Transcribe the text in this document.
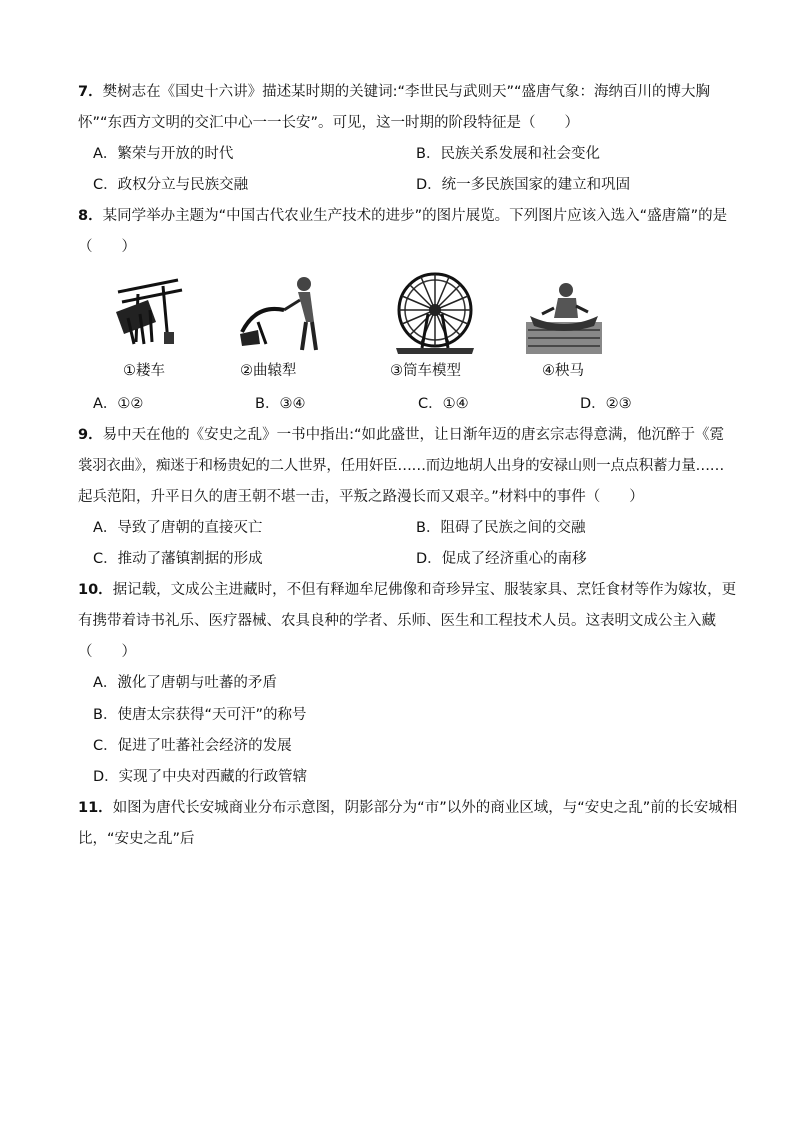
7．樊树志在《国史十六讲》描述某时期的关键词:“李世民与武则天”“盛唐气象：海纳百川的博大胸
怀”“东西方文明的交汇中心一一长安”。可见，这一时期的阶段特征是（　　）
A．繁荣与开放的时代	B．民族关系发展和社会变化
C．政权分立与民族交融	D．统一多民族国家的建立和巩固
8．某同学举办主题为“中国古代农业生产技术的进步”的图片展览。下列图片应该入选入“盛唐篇”的是
（　　）
①耧车	②曲辕犁	③筒车模型	④秧马
A．①②	B．③④	C．①④	D．②③
9．易中天在他的《安史之乱》一书中指出:“如此盛世，让日渐年迈的唐玄宗志得意满，他沉醉于《霓
裳羽衣曲》，痴迷于和杨贵妃的二人世界，任用奸臣……而边地胡人出身的安禄山则一点点积蓄力量……
起兵范阳，升平日久的唐王朝不堪一击，平叛之路漫长而又艰辛。”材料中的事件（　　）
A．导致了唐朝的直接灭亡	B．阻碍了民族之间的交融
C．推动了藩镇割据的形成	D．促成了经济重心的南移
10．据记载，文成公主进藏时，不但有释迦牟尼佛像和奇珍异宝、服装家具、烹饪食材等作为嫁妆，更
有携带着诗书礼乐、医疗器械、农具良种的学者、乐师、医生和工程技术人员。这表明文成公主入藏
（　　）
A．激化了唐朝与吐蕃的矛盾
B．使唐太宗获得“天可汗”的称号
C．促进了吐蕃社会经济的发展
D．实现了中央对西藏的行政管辖
11．如图为唐代长安城商业分布示意图，阴影部分为“市”以外的商业区域，与“安史之乱”前的长安城相
比，“安史之乱”后
